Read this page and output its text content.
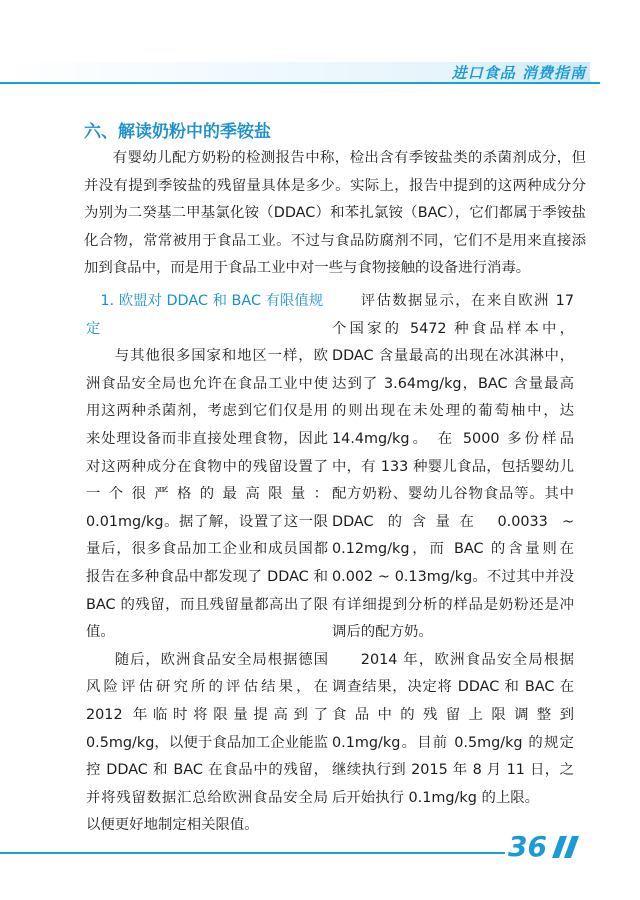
进口食品 消费指南
六、解读奶粉中的季铵盐

有婴幼儿配方奶粉的检测报告中称，检出含有季铵盐类的杀菌剂成分，但并没有提到季铵盐的残留量具体是多少。实际上，报告中提到的这两种成分分为别为二癸基二甲基氯化铵（DDAC）和苯扎氯铵（BAC），它们都属于季铵盐化合物，常常被用于食品工业。不过与食品防腐剂不同，它们不是用来直接添加到食品中，而是用于食品工业中对一些与食物接触的设备进行消毒。

1. 欧盟对 DDAC 和 BAC 有限值规定

与其他很多国家和地区一样，欧洲食品安全局也允许在食品工业中使用这两种杀菌剂，考虑到它们仅是用来处理设备而非直接处理食物，因此对这两种成分在食物中的残留设置了一个很严格的最高限量：0.01mg/kg。据了解，设置了这一限量后，很多食品加工企业和成员国都报告在多种食品中都发现了 DDAC 和 BAC 的残留，而且残留量都高出了限值。

随后，欧洲食品安全局根据德国风险评估研究所的评估结果，在 2012 年临时将限量提高到了 0.5mg/kg，以便于食品加工企业能监控 DDAC 和 BAC 在食品中的残留，并将残留数据汇总给欧洲食品安全局以便更好地制定相关限值。

评估数据显示，在来自欧洲 17 个国家的 5472 种食品样本中，DDAC 含量最高的出现在冰淇淋中，达到了 3.64mg/kg，BAC 含量最高的则出现在未处理的葡萄柚中，达 14.4mg/kg。 在 5000 多份样品中，有 133 种婴儿食品，包括婴幼儿配方奶粉、婴幼儿谷物食品等。其中 DDAC 的含量在 0.0033 ~ 0.12mg/kg，而 BAC 的含量则在 0.002 ~ 0.13mg/kg。不过其中并没有详细提到分析的样品是奶粉还是冲调后的配方奶。

2014 年，欧洲食品安全局根据调查结果，决定将 DDAC 和 BAC 在食品中的残留上限调整到 0.1mg/kg。目前 0.5mg/kg 的规定继续执行到 2015 年 8 月 11 日，之后开始执行 0.1mg/kg 的上限。

36
